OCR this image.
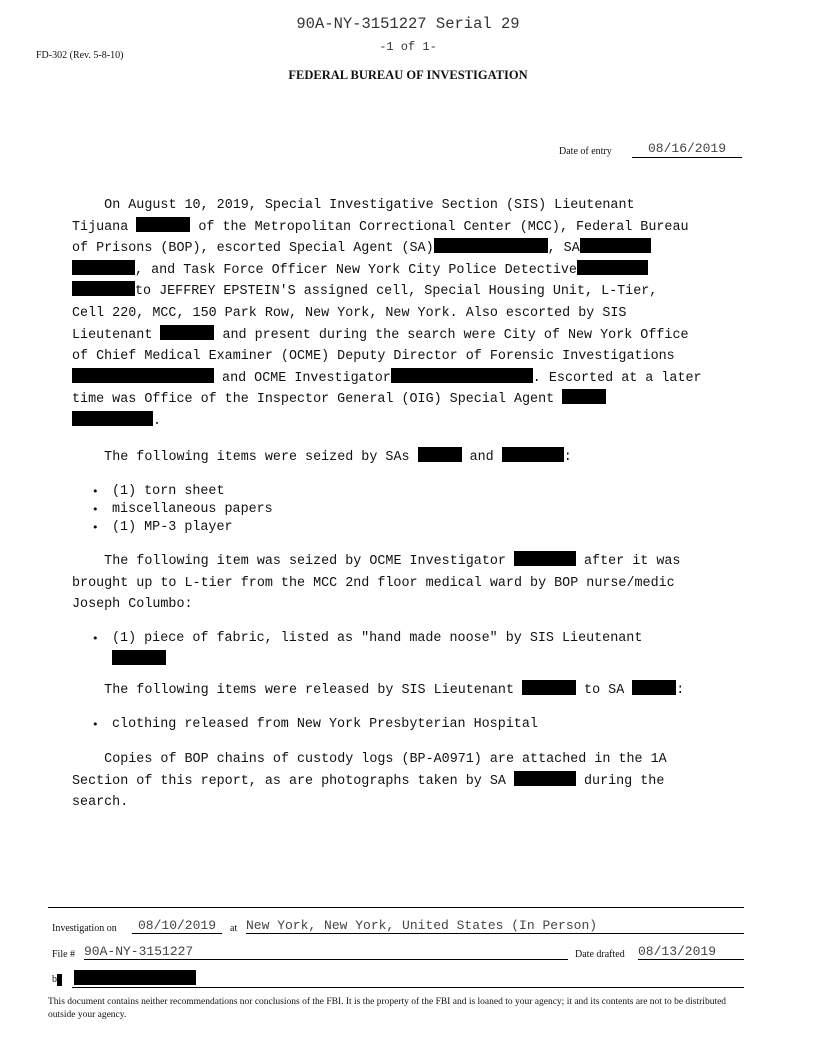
90A-NY-3151227 Serial 29
-1 of 1-
FD-302 (Rev. 5-8-10)
FEDERAL BUREAU OF INVESTIGATION
Date of entry	08/16/2019

On August 10, 2019, Special Investigative Section (SIS) Lieutenant
Tijuana	of the Metropolitan Correctional Center (MCC), Federal Bureau
of Prisons (BOP), escorted Special Agent (SA)	, SA
, and Task Force Officer New York City Police Detective
to JEFFREY EPSTEIN'S assigned cell, Special Housing Unit, L-Tier,
Cell 220, MCC, 150 Park Row, New York, New York. Also escorted by SIS
Lieutenant	and present during the search were City of New York Office
of Chief Medical Examiner (OCME) Deputy Director of Forensic Investigations
and OCME Investigator	. Escorted at a later
time was Office of the Inspector General (OIG) Special Agent
.

The following items were seized by SAs	and	:

• (1) torn sheet
• miscellaneous papers
• (1) MP-3 player

The following item was seized by OCME Investigator	after it was
brought up to L-tier from the MCC 2nd floor medical ward by BOP nurse/medic
Joseph Columbo:

• (1) piece of fabric, listed as "hand made noose" by SIS Lieutenant

The following items were released by SIS Lieutenant	to SA	:

• clothing released from New York Presbyterian Hospital

Copies of BOP chains of custody logs (BP-A0971) are attached in the 1A
Section of this report, as are photographs taken by SA	during the
search.

Investigation on	08/10/2019	at New York, New York, United States (In Person)
File # 90A-NY-3151227	Date drafted 08/13/2019
b
This document contains neither recommendations nor conclusions of the FBI. It is the property of the FBI and is loaned to your agency; it and its contents are not to be distributed outside your agency.
